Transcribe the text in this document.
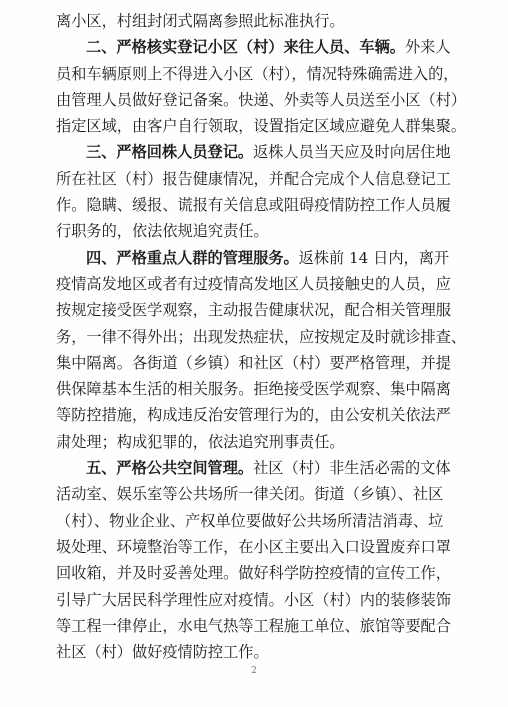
离小区，村组封闭式隔离参照此标准执行。
二、严格核实登记小区（村）来往人员、车辆。外来人
员和车辆原则上不得进入小区（村），情况特殊确需进入的，
由管理人员做好登记备案。快递、外卖等人员送至小区（村）
指定区域，由客户自行领取，设置指定区域应避免人群集聚。
三、严格回株人员登记。返株人员当天应及时向居住地
所在社区（村）报告健康情况，并配合完成个人信息登记工
作。隐瞒、缓报、谎报有关信息或阻碍疫情防控工作人员履
行职务的，依法依规追究责任。
四、严格重点人群的管理服务。返株前 14 日内，离开
疫情高发地区或者有过疫情高发地区人员接触史的人员，应
按规定接受医学观察，主动报告健康状况，配合相关管理服
务，一律不得外出；出现发热症状，应按规定及时就诊排查、
集中隔离。各街道（乡镇）和社区（村）要严格管理，并提
供保障基本生活的相关服务。拒绝接受医学观察、集中隔离
等防控措施，构成违反治安管理行为的，由公安机关依法严
肃处理；构成犯罪的，依法追究刑事责任。
五、严格公共空间管理。社区（村）非生活必需的文体
活动室、娱乐室等公共场所一律关闭。街道（乡镇）、社区
（村）、物业企业、产权单位要做好公共场所清洁消毒、垃
圾处理、环境整治等工作，在小区主要出入口设置废弃口罩
回收箱，并及时妥善处理。做好科学防控疫情的宣传工作，
引导广大居民科学理性应对疫情。小区（村）内的装修装饰
等工程一律停止，水电气热等工程施工单位、旅馆等要配合
社区（村）做好疫情防控工作。
2
